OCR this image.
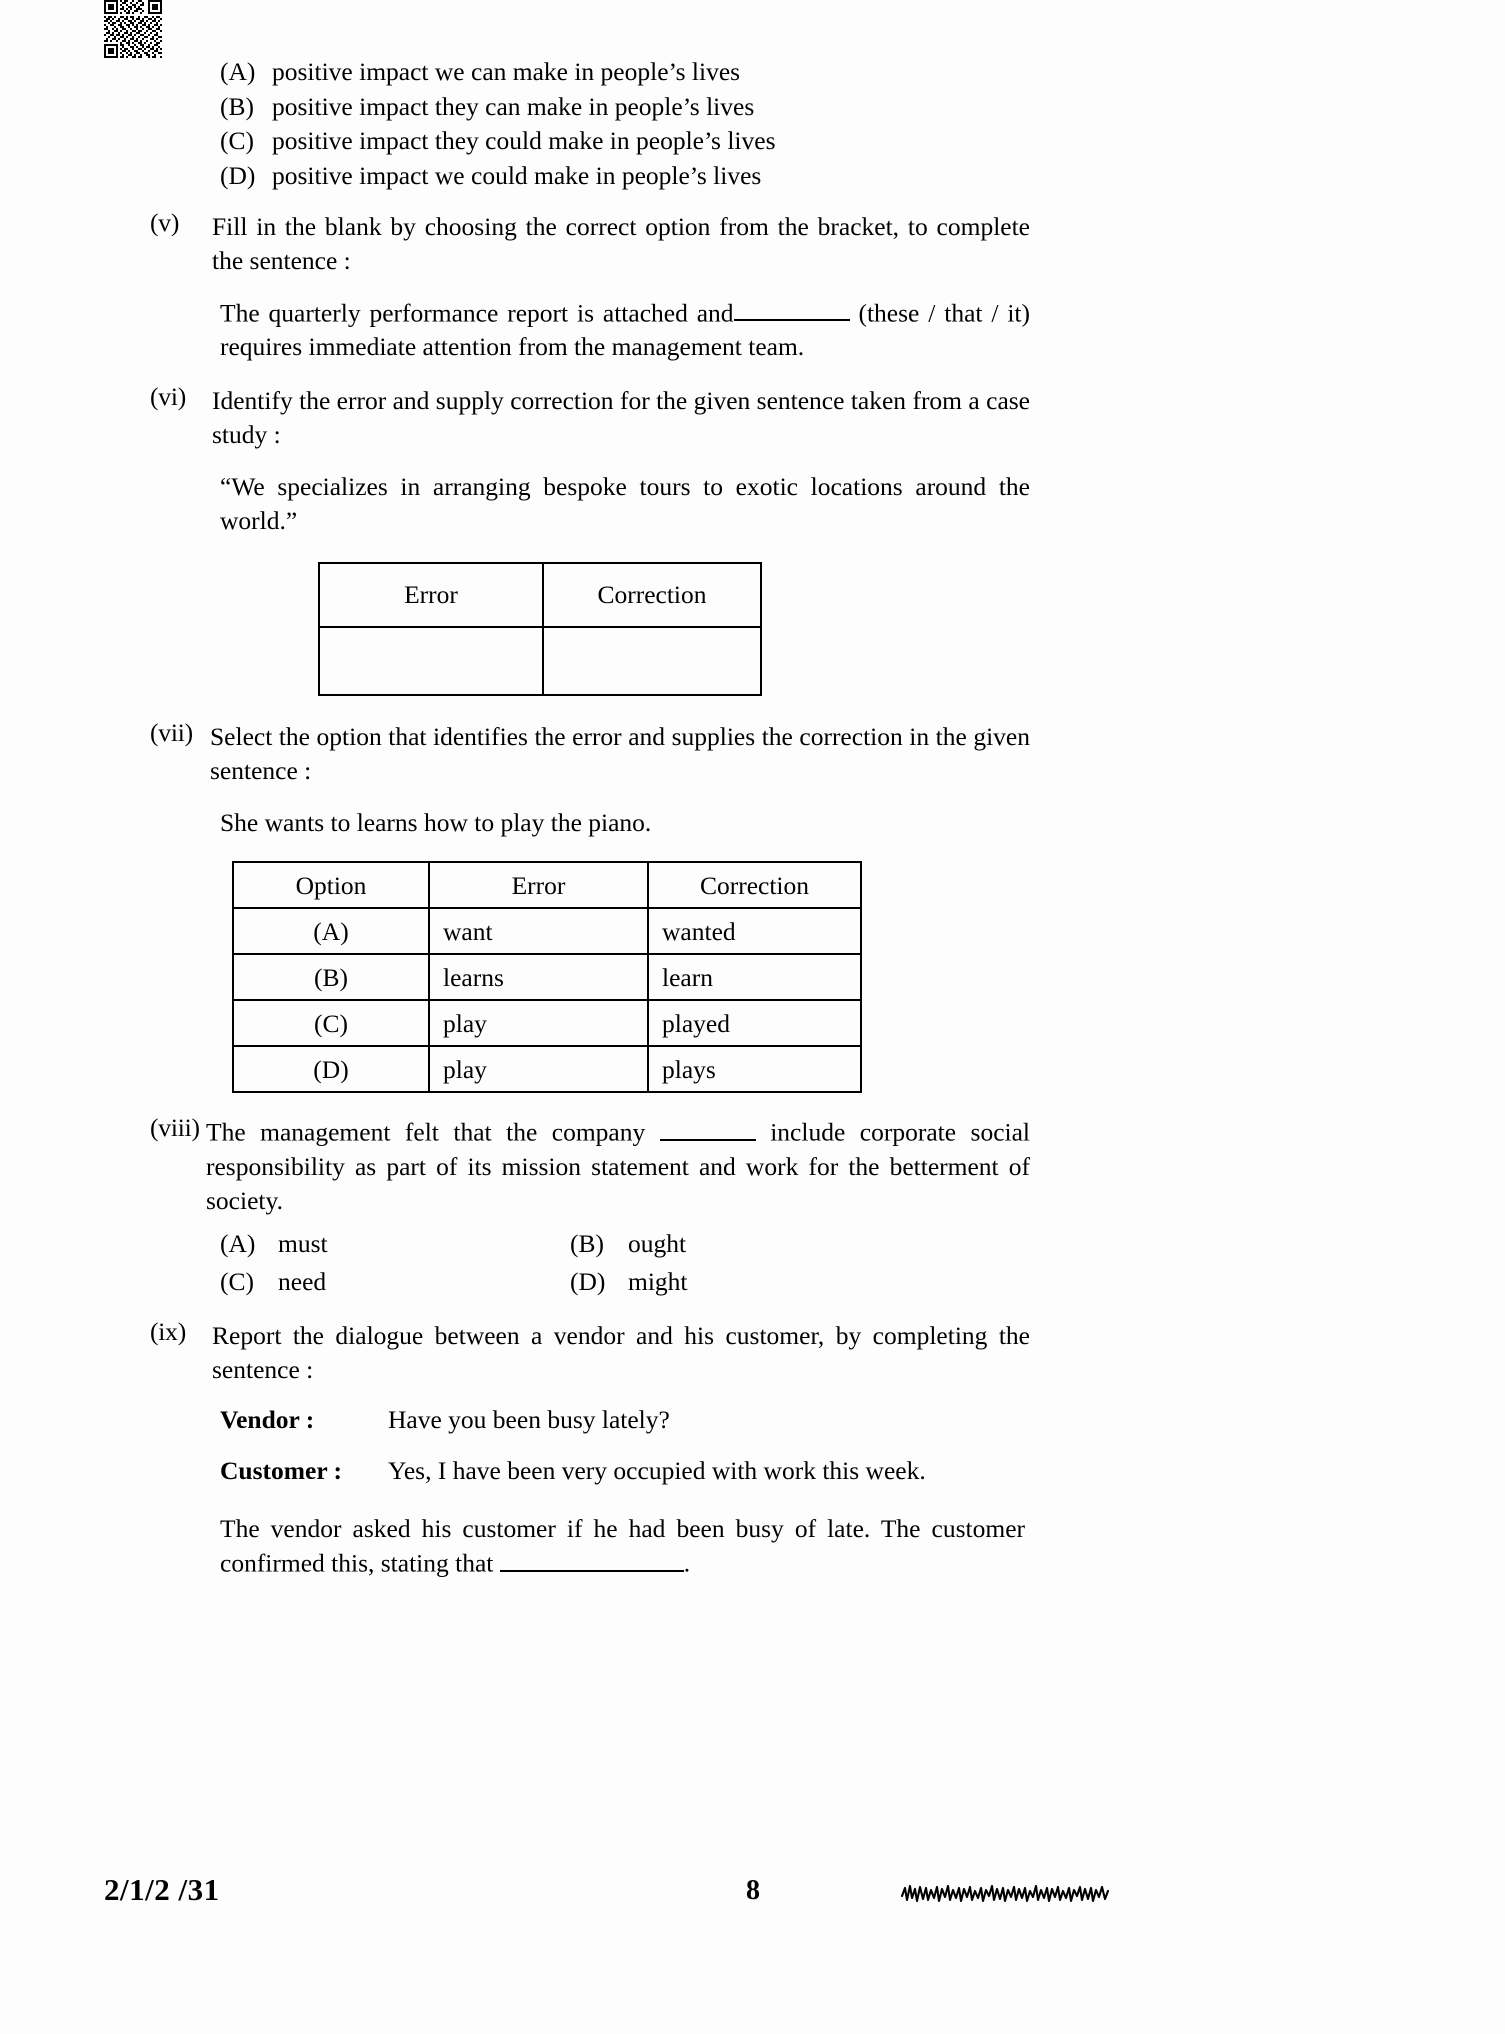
(A) positive impact we can make in people’s lives
(B) positive impact they can make in people’s lives
(C) positive impact they could make in people’s lives
(D) positive impact we could make in people’s lives
(v)	Fill in the blank by choosing the correct option from the bracket, to complete the sentence :
The quarterly performance report is attached and	(these / that / it) requires immediate attention from the management team.
(vi)	Identify the error and supply correction for the given sentence taken from a case study :
“We specializes in arranging bespoke tours to exotic locations around the world.”
Error	Correction

(vii) Select the option that identifies the error and supplies the correction in the given sentence :
She wants to learns how to play the piano.
Option	Error	Correction
(A)	want	wanted
(B)	learns	learn
(C)	play	played
(D)	play	plays
(viii) The management felt that the company	include corporate social responsibility as part of its mission statement and work for the betterment of society.
(A) must	(B) ought
(C) need	(D) might
(ix)	Report the dialogue between a vendor and his customer, by completing the sentence :
Vendor :	Have you been busy lately?
Customer :	Yes, I have been very occupied with work this week.
The vendor asked his customer if he had been busy of late. The customer confirmed this, stating that	.
2/1/2 /31	8
